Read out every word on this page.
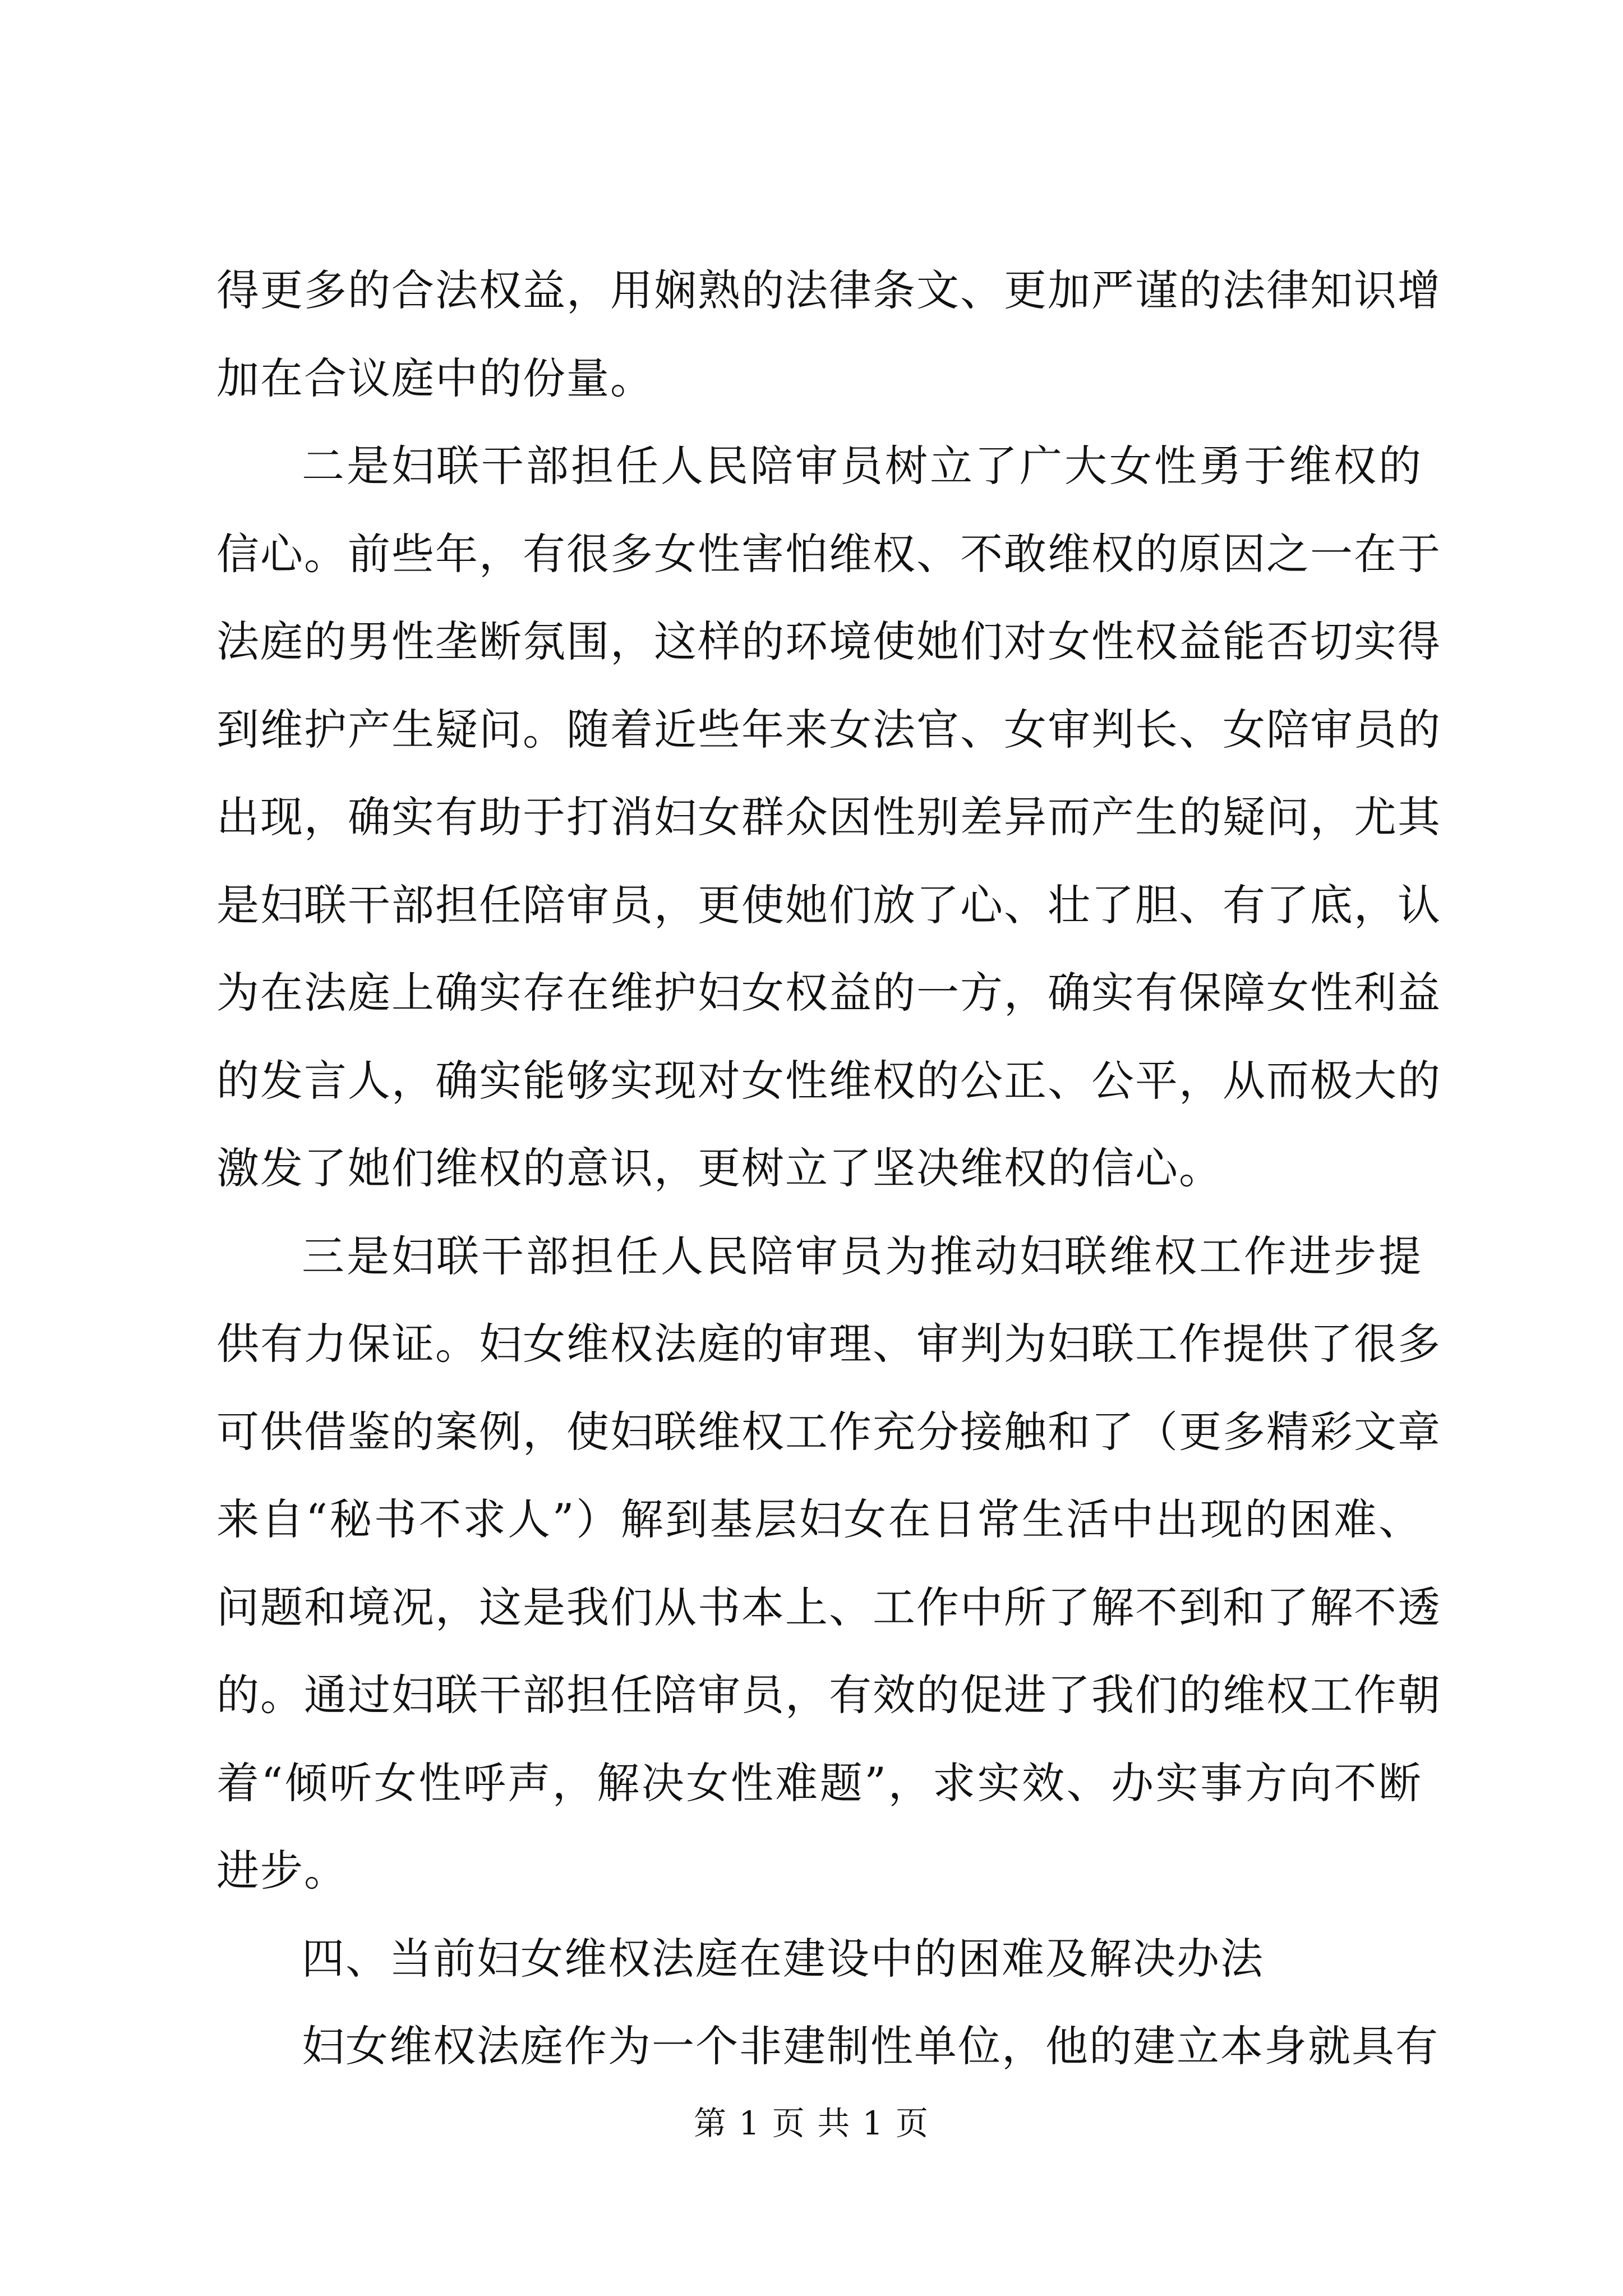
得更多的合法权益，用娴熟的法律条文、更加严谨的法律知识增
加在合议庭中的份量。
二是妇联干部担任人民陪审员树立了广大女性勇于维权的
信心。前些年，有很多女性害怕维权、不敢维权的原因之一在于
法庭的男性垄断氛围，这样的环境使她们对女性权益能否切实得
到维护产生疑问。随着近些年来女法官、女审判长、女陪审员的
出现，确实有助于打消妇女群众因性别差异而产生的疑问，尤其
是妇联干部担任陪审员，更使她们放了心、壮了胆、有了底，认
为在法庭上确实存在维护妇女权益的一方，确实有保障女性利益
的发言人，确实能够实现对女性维权的公正、公平，从而极大的
激发了她们维权的意识，更树立了坚决维权的信心。
三是妇联干部担任人民陪审员为推动妇联维权工作进步提
供有力保证。妇女维权法庭的审理、审判为妇联工作提供了很多
可供借鉴的案例，使妇联维权工作充分接触和了（更多精彩文章
来自“秘书不求人”）解到基层妇女在日常生活中出现的困难、
问题和境况，这是我们从书本上、工作中所了解不到和了解不透
的。通过妇联干部担任陪审员，有效的促进了我们的维权工作朝
着“倾听女性呼声，解决女性难题”，求实效、办实事方向不断
进步。
四、当前妇女维权法庭在建设中的困难及解决办法
妇女维权法庭作为一个非建制性单位，他的建立本身就具有
第 1 页 共 1 页
